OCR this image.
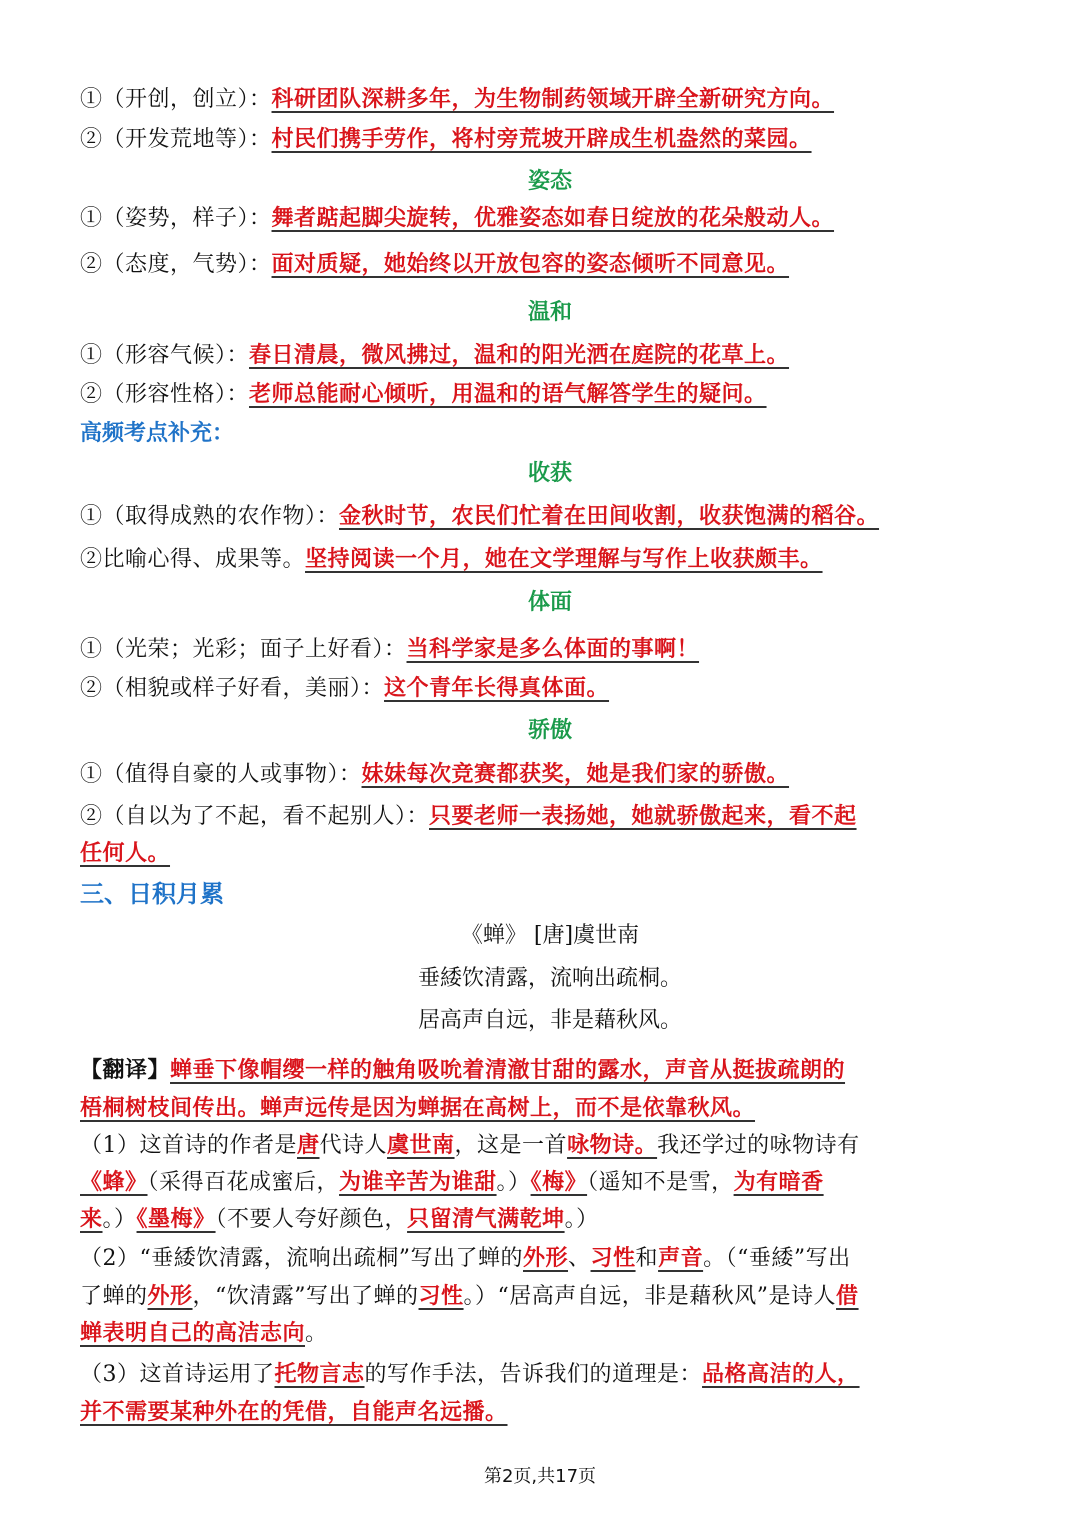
①（开创，创立）：科研团队深耕多年，为生物制药领域开辟全新研究方向。
②（开发荒地等）：村民们携手劳作，将村旁荒坡开辟成生机盎然的菜园。
姿态
①（姿势，样子）：舞者踮起脚尖旋转，优雅姿态如春日绽放的花朵般动人。
②（态度，气势）：面对质疑，她始终以开放包容的姿态倾听不同意见。
温和
①（形容气候）：春日清晨，微风拂过，温和的阳光洒在庭院的花草上。
②（形容性格）：老师总能耐心倾听，用温和的语气解答学生的疑问。
高频考点补充：
收获
①（取得成熟的农作物）：金秋时节，农民们忙着在田间收割，收获饱满的稻谷。
②比喻心得、成果等。坚持阅读一个月，她在文学理解与写作上收获颇丰。
体面
①（光荣；光彩；面子上好看）：当科学家是多么体面的事啊！
②（相貌或样子好看，美丽）：这个青年长得真体面。
骄傲
①（值得自豪的人或事物）：妹妹每次竞赛都获奖，她是我们家的骄傲。
②（自以为了不起，看不起别人）：只要老师一表扬她，她就骄傲起来，看不起
任何人。
三、日积月累
《蝉》 [唐]虞世南
垂緌饮清露，流响出疏桐。
居高声自远，非是藉秋风。
【翻译】蝉垂下像帽缨一样的触角吸吮着清澈甘甜的露水，声音从挺拔疏朗的
梧桐树枝间传出。蝉声远传是因为蝉据在高树上，而不是依靠秋风。
（1）这首诗的作者是唐代诗人虞世南，这是一首咏物诗。我还学过的咏物诗有
《蜂》（采得百花成蜜后，为谁辛苦为谁甜。）《梅》（遥知不是雪，为有暗香
来。）《墨梅》（不要人夸好颜色，只留清气满乾坤。）
（2）“垂緌饮清露，流响出疏桐”写出了蝉的外形、习性和声音。（“垂緌”写出
了蝉的外形，“饮清露”写出了蝉的习性。）“居高声自远，非是藉秋风”是诗人借
蝉表明自己的高洁志向。
（3）这首诗运用了托物言志的写作手法，告诉我们的道理是：品格高洁的人，
并不需要某种外在的凭借，自能声名远播。
第2页,共17页
